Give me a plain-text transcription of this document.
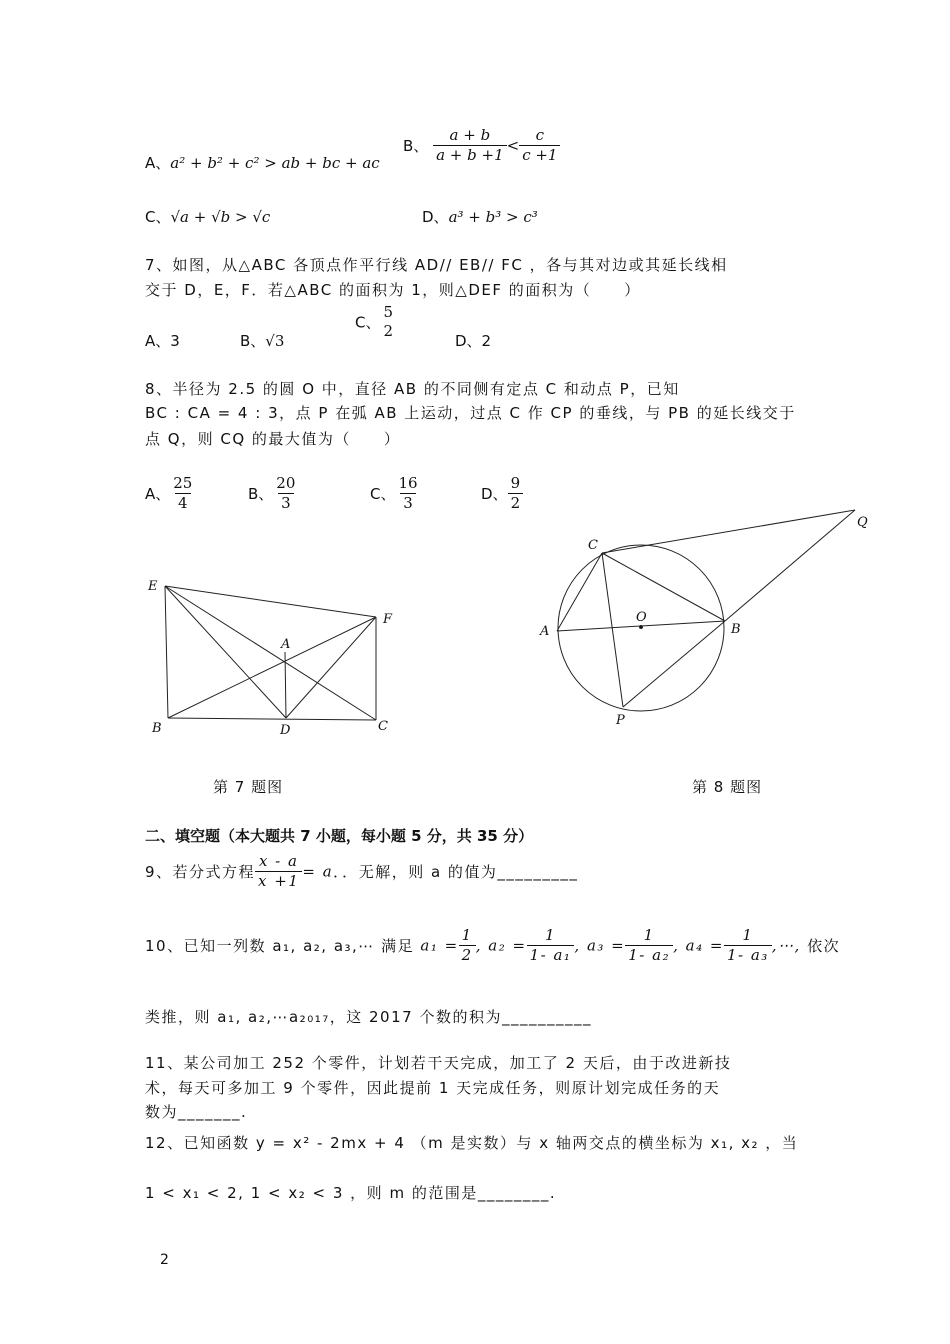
A、a² + b² + c² > ab + bc + ac
B、 $\frac{a + b}{a + b +1} < \frac{c}{c +1}$
C、√a + √b > √c	D、a³ + b³ > c³
7、如图，从△ABC 各顶点作平行线 AD// EB// FC ，各与其对边或其延长线相
交于 D，E，F．若△ABC 的面积为 1，则△DEF 的面积为（　　）
A、3	B、√3
C、
5
2
D、2
8、半径为 2.5 的圆 O 中，直径 AB 的不同侧有定点 C 和动点 P，已知
BC : CA = 4 : 3，点 P 在弧 AB 上运动，过点 C 作 CP 的垂线，与 PB 的延长线交于
点 Q，则 CQ 的最大值为（　　）
A、 $\frac{25}{4}$	B、 $\frac{20}{3}$	C、 $\frac{16}{3}$	D、 $\frac{9}{2}$
E
F
A
B	D	C
C
Q
O
A	B
P
第 7 题图	第 8 题图
二、填空题（本大题共 7 小题，每小题 5 分，共 35 分）
9、若分式方程 $\frac{x - a}{x +1} = a$．．无解，则 a 的值为_________
10、已知一列数 a₁, a₂, a₃,⋯ 满足 $a_1 = \frac{1}{2}$ , $a_2 = \frac{1}{\text{1- a₁}}$ , $a_3 = \frac{1}{\text{1- a₂}}$ , $a_4 = \frac{1}{\text{1- a₃}}$ ,⋯, 依次
类推，则 a₁, a₂,⋯a₂₀₁₇，这 2017 个数的积为__________
11、某公司加工 252 个零件，计划若干天完成，加工了 2 天后，由于改进新技
术，每天可多加工 9 个零件，因此提前 1 天完成任务，则原计划完成任务的天
数为_______.
12、已知函数 y = x² - 2mx + 4 （m 是实数）与 x 轴两交点的横坐标为 x₁, x₂ ，当
1 < x₁ < 2, 1 < x₂ < 3 ，则 m 的范围是________.
2
